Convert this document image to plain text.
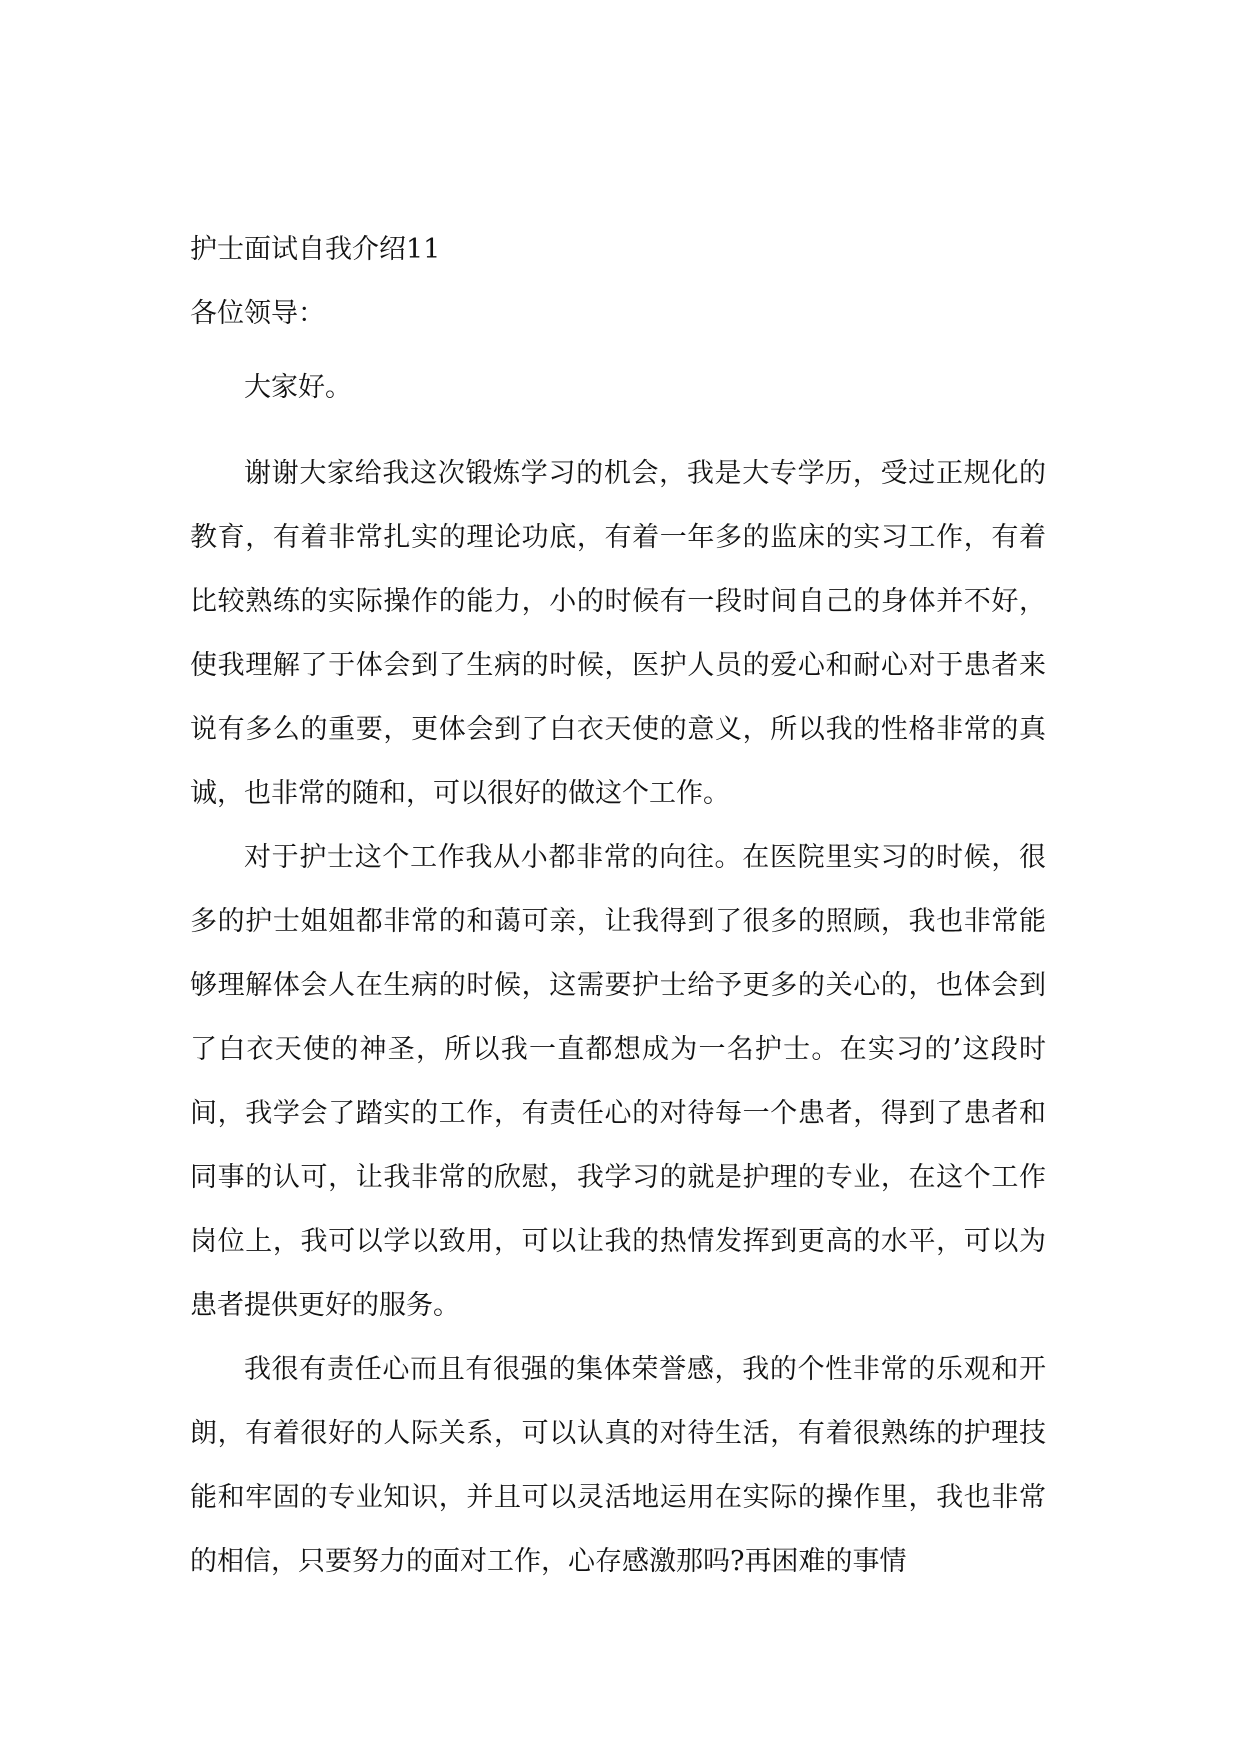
护士面试自我介绍11
各位领导：

大家好。

谢谢大家给我这次锻炼学习的机会，我是大专学历，受过正规化的教育，有着非常扎实的理论功底，有着一年多的监床的实习工作，有着比较熟练的实际操作的能力，小的时候有一段时间自己的身体并不好，使我理解了于体会到了生病的时候，医护人员的爱心和耐心对于患者来说有多么的重要，更体会到了白衣天使的意义，所以我的性格非常的真诚，也非常的随和，可以很好的做这个工作。

对于护士这个工作我从小都非常的向往。在医院里实习的时候，很多的护士姐姐都非常的和蔼可亲，让我得到了很多的照顾，我也非常能够理解体会人在生病的时候，这需要护士给予更多的关心的，也体会到了白衣天使的神圣，所以我一直都想成为一名护士。在实习的’这段时间，我学会了踏实的工作，有责任心的对待每一个患者，得到了患者和同事的认可，让我非常的欣慰，我学习的就是护理的专业，在这个工作岗位上，我可以学以致用，可以让我的热情发挥到更高的水平，可以为患者提供更好的服务。

我很有责任心而且有很强的集体荣誉感，我的个性非常的乐观和开朗，有着很好的人际关系，可以认真的对待生活，有着很熟练的护理技能和牢固的专业知识，并且可以灵活地运用在实际的操作里，我也非常的相信，只要努力的面对工作，心存感激那吗?再困难的事情
